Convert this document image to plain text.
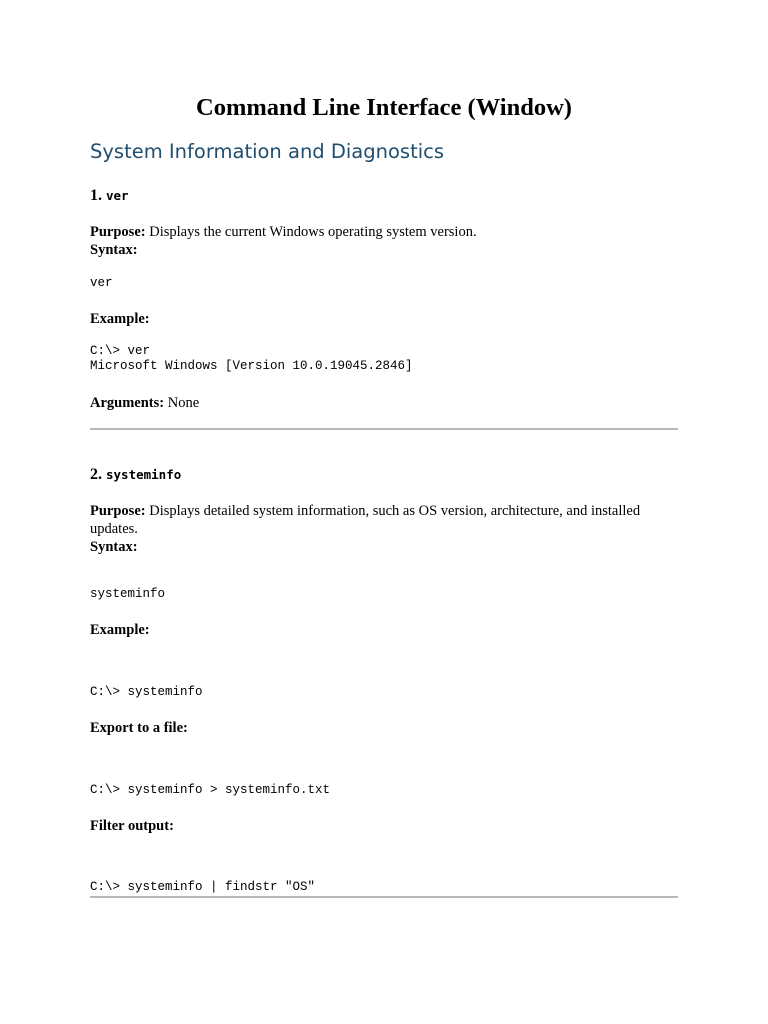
Command Line Interface (Window)
System Information and Diagnostics
1. ver
Purpose: Displays the current Windows operating system version.
Syntax:
ver
Example:
C:\> ver
Microsoft Windows [Version 10.0.19045.2846]
Arguments: None
2. systeminfo
Purpose: Displays detailed system information, such as OS version, architecture, and installed updates.
Syntax:
systeminfo
Example:
C:\> systeminfo
Export to a file:
C:\> systeminfo > systeminfo.txt
Filter output:
C:\> systeminfo | findstr "OS"
